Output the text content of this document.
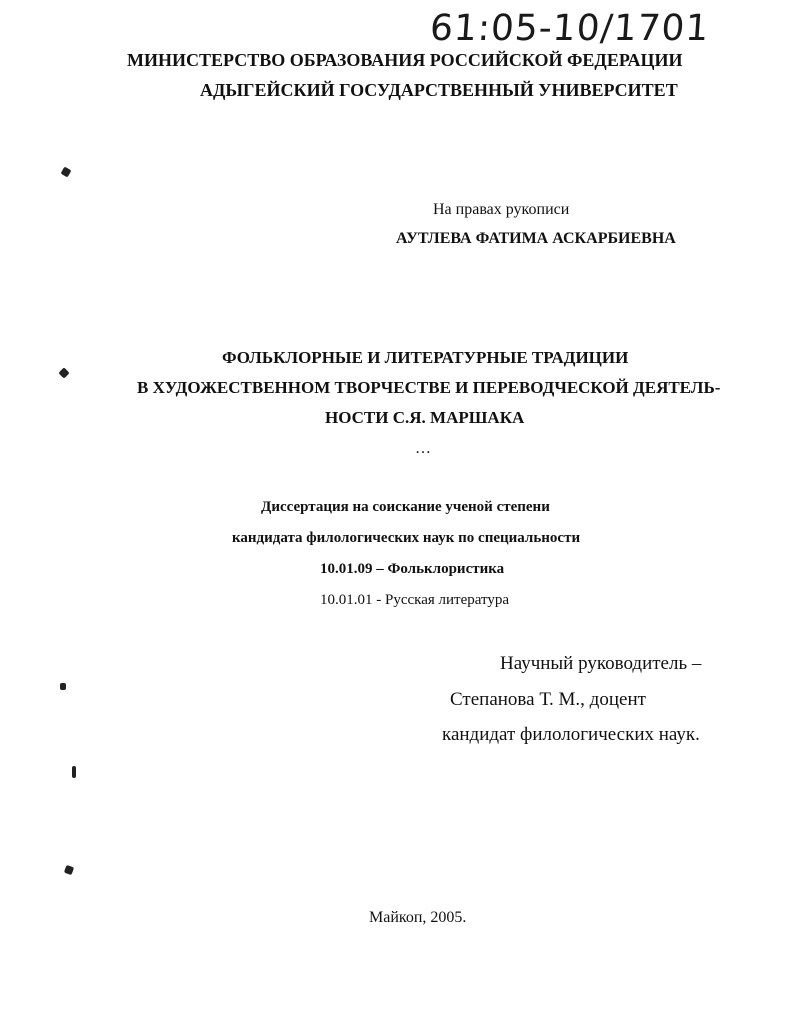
61:05-10/1701
МИНИСТЕРСТВО ОБРАЗОВАНИЯ РОССИЙСКОЙ ФЕДЕРАЦИИ
АДЫГЕЙСКИЙ ГОСУДАРСТВЕННЫЙ УНИВЕРСИТЕТ
На правах рукописи
АУТЛЕВА ФАТИМА АСКАРБИЕВНА
ФОЛЬКЛОРНЫЕ И ЛИТЕРАТУРНЫЕ ТРАДИЦИИ
В ХУДОЖЕСТВЕННОМ ТВОРЧЕСТВЕ И ПЕРЕВОДЧЕСКОЙ ДЕЯТЕЛЬ-
НОСТИ С.Я. МАРШАКА
…
Диссертация на соискание ученой степени
кандидата филологических наук по специальности
10.01.09 – Фольклористика
10.01.01 - Русская литература
Научный руководитель –
Степанова Т. М., доцент
кандидат филологических наук.
Майкоп, 2005.
